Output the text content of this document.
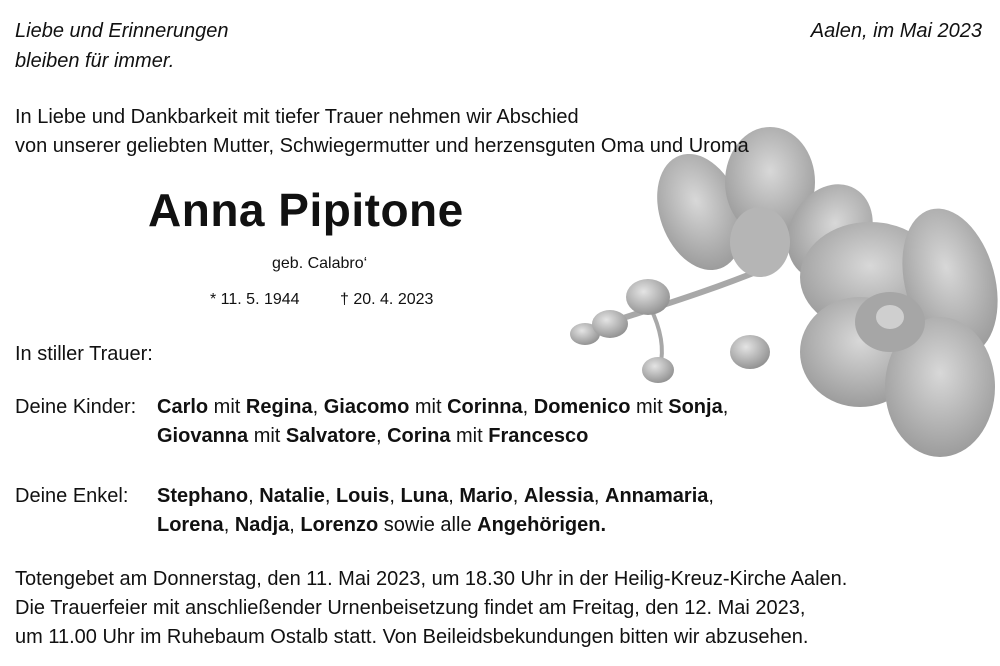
Liebe und Erinnerungen
bleiben für immer.
Aalen, im Mai 2023
In Liebe und Dankbarkeit mit tiefer Trauer nehmen wir Abschied
von unserer geliebten Mutter, Schwiegermutter und herzensguten Oma und Uroma
Anna Pipitone
geb. Calabro‘
* 11. 5. 1944	† 20. 4. 2023
In stiller Trauer:
Deine Kinder: Carlo mit Regina, Giacomo mit Corinna, Domenico mit Sonja,
Giovanna mit Salvatore, Corina mit Francesco
Deine Enkel: Stephano, Natalie, Louis, Luna, Mario, Alessia, Annamaria,
Lorena, Nadja, Lorenzo sowie alle Angehörigen.
Totengebet am Donnerstag, den 11. Mai 2023, um 18.30 Uhr in der Heilig-Kreuz-Kirche Aalen.
Die Trauerfeier mit anschließender Urnenbeisetzung findet am Freitag, den 12. Mai 2023,
um 11.00 Uhr im Ruhebaum Ostalb statt. Von Beileidsbekundungen bitten wir abzusehen.
